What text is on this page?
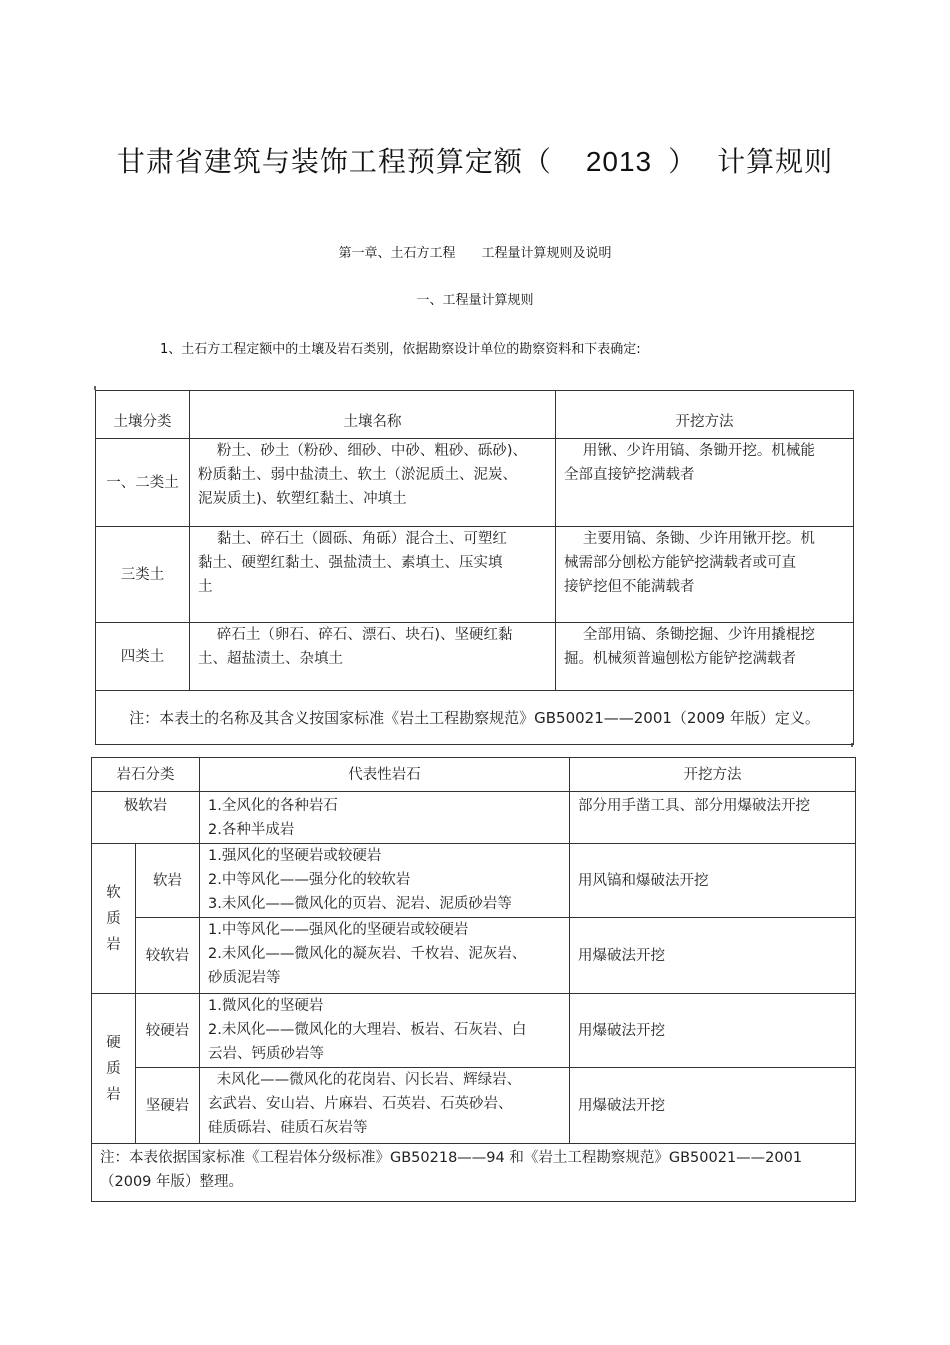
甘肃省建筑与装饰工程预算定额（ 2013 ） 计算规则
第一章、土石方工程 工程量计算规则及说明
一、工程量计算规则
1、土石方工程定额中的土壤及岩石类别，依据勘察设计单位的勘察资料和下表确定:
土壤分类	土壤名称	开挖方法
一、二类土	粉土、砂土（粉砂、细砂、中砂、粗砂、砾砂)、
粉质黏土、弱中盐渍土、软土（淤泥质土、泥炭、
泥炭质土)、软塑红黏土、冲填土	用锹、少许用镐、条锄开挖。机械能
全部直接铲挖满载者

三类土	黏土、碎石土（圆砾、角砾）混合土、可塑红
黏土、硬塑红黏土、强盐渍土、素填土、压实填
土	主要用镐、条锄、少许用锹开挖。机
械需部分刨松方能铲挖满载者或可直
接铲挖但不能满载者

四类土	碎石土（卵石、碎石、漂石、块石)、坚硬红黏
土、超盐渍土、杂填土	全部用镐、条锄挖掘、少许用撬棍挖
掘。机械须普遍刨松方能铲挖满载者

注：本表土的名称及其含义按国家标准《岩土工程勘察规范》GB50021——2001（2009 年版）定义。		
岩石分类		代表性岩石	开挖方法
极软岩		1.全风化的各种岩石
2.各种半成岩	部分用手凿工具、部分用爆破法开挖

软
质
岩	软岩	1.强风化的坚硬岩或较硬岩
2.中等风化——强分化的较软岩
3.未风化——微风化的页岩、泥岩、泥质砂岩等	用风镐和爆破法开挖
	较软岩	1.中等风化——强风化的坚硬岩或较硬岩
2.未风化——微风化的凝灰岩、千枚岩、泥灰岩、
砂质泥岩等	用爆破法开挖

硬
质
岩	较硬岩	1.微风化的坚硬岩
2.未风化——微风化的大理岩、板岩、石灰岩、白
云岩、钙质砂岩等	用爆破法开挖
	坚硬岩	未风化——微风化的花岗岩、闪长岩、辉绿岩、
玄武岩、安山岩、片麻岩、石英岩、石英砂岩、
硅质砾岩、硅质石灰岩等	用爆破法开挖

注：本表依据国家标准《工程岩体分级标准》GB50218——94 和《岩土工程勘察规范》GB50021——2001
（2009 年版）整理。			
